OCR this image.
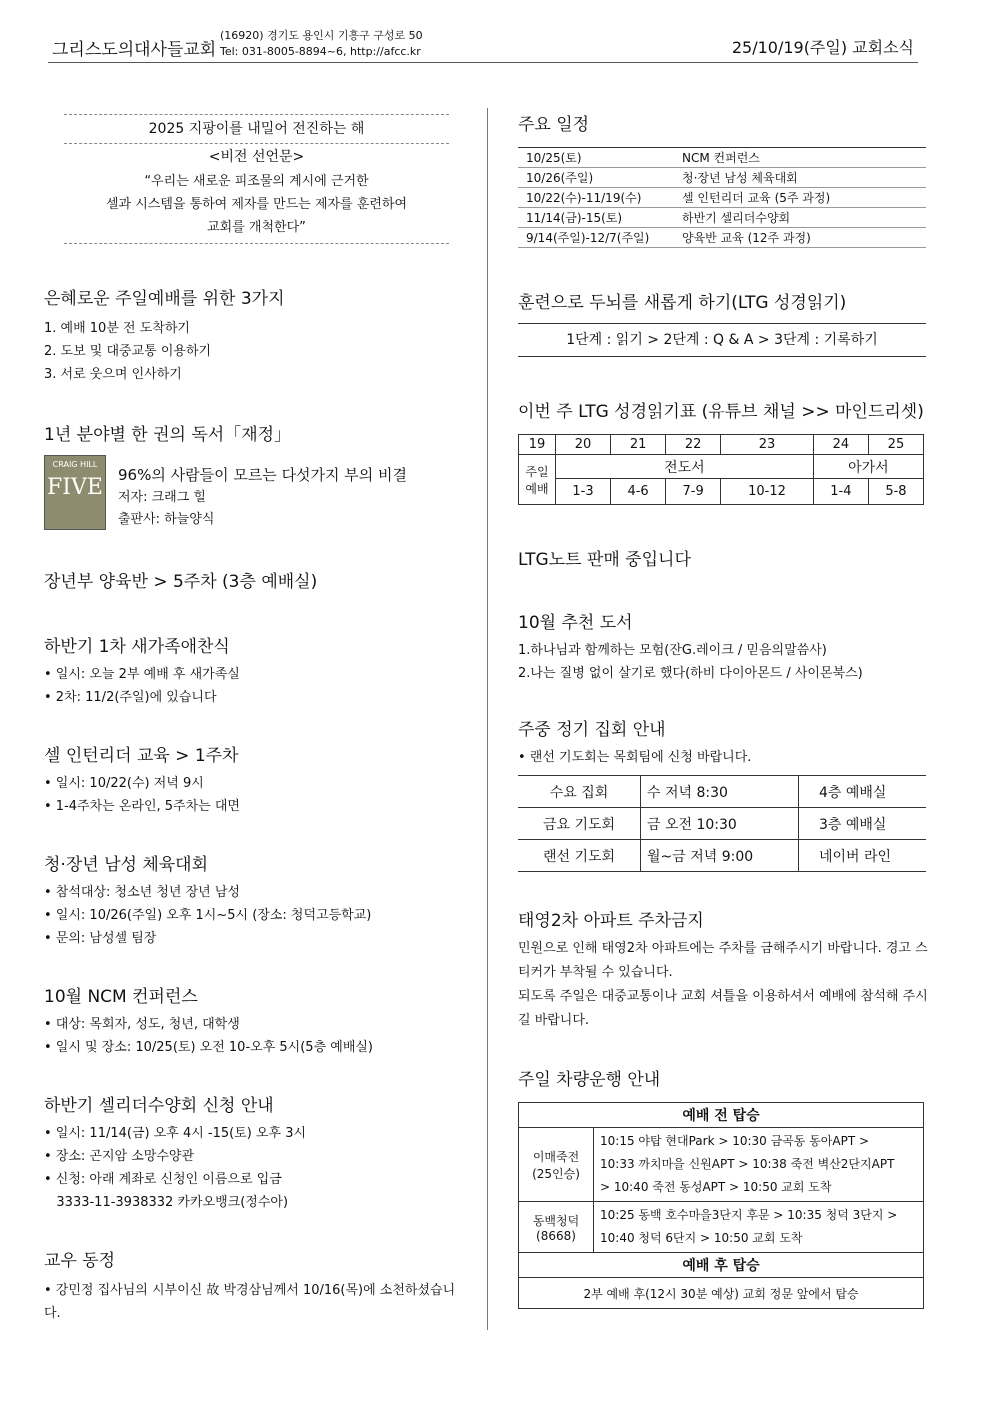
그리스도의대사들교회
(16920) 경기도 용인시 기흥구 구성로 50
Tel: 031-8005-8894~6, http://afcc.kr	25/10/19(주일) 교회소식
2025 지팡이를 내밀어 전진하는 해
<비전 선언문>
“우리는 새로운 피조물의 계시에 근거한
셀과 시스템을 통하여 제자를 만드는 제자를 훈련하여
교회를 개척한다”
은혜로운 주일예배를 위한 3가지

1. 예배 10분 전 도착하기

2. 도보 및 대중교통 이용하기

3. 서로 웃으며 인사하기

1년 분야별 한 권의 독서「재정」
CRAIG HILL
FIVE 96%의 사람들이 모르는 다섯가지 부의 비결
저자: 크래그 힐
출판사: 하늘양식
장년부 양육반 > 5주차 (3층 예배실)
하반기 1차 새가족애찬식

• 일시: 오늘 2부 예배 후 새가족실

• 2차: 11/2(주일)에 있습니다

셀 인턴리더 교육 > 1주차

• 일시: 10/22(수) 저녁 9시

• 1-4주차는 온라인, 5주차는 대면

청·장년 남성 체육대회

• 참석대상: 청소년 청년 장년 남성

• 일시: 10/26(주일) 오후 1시~5시 (장소: 청덕고등학교)

• 문의: 남성셀 팀장

10월 NCM 컨퍼런스

• 대상: 목회자, 성도, 청년, 대학생

• 일시 및 장소: 10/25(토) 오전 10-오후 5시(5층 예배실)

하반기 셀리더수양회 신청 안내

• 일시: 11/14(금) 오후 4시 -15(토) 오후 3시

• 장소: 곤지암 소망수양관

• 신청: 아래 계좌로 신청인 이름으로 입금

3333-11-3938332 카카오뱅크(정수아)

교우 동정

• 강민정 집사님의 시부이신 故 박경삼님께서 10/16(목)에 소천하셨습니다.

주요 일정
10/25(토)	NCM 컨퍼런스
10/26(주일)	청·장년 남성 체육대회
10/22(수)-11/19(수)	셀 인턴리더 교육 (5주 과정)
11/14(금)-15(토)	하반기 셀리더수양회
9/14(주일)-12/7(주일)	양육반 교육 (12주 과정)
훈련으로 두뇌를 새롭게 하기(LTG 성경읽기)
1단계 : 읽기 > 2단계 : Q & A > 3단계 : 기록하기
이번 주 LTG 성경읽기표 (유튜브 채널 >> 마인드리셋)
19	20	21	22	23	24	25
주일 예배	전도서				아가서	
	1-3	4-6	7-9	10-12	1-4	5-8
LTG노트 판매 중입니다
10월 추천 도서

1.하나님과 함께하는 모험(잔G.레이크 / 믿음의말씀사)

2.나는 질병 없이 살기로 했다(하비 다이아몬드 / 사이몬북스)

주중 정기 집회 안내

• 랜선 기도회는 목회팀에 신청 바랍니다.

수요 집회	수 저녁 8:30	4층 예배실
금요 기도회	금 오전 10:30	3층 예배실
랜선 기도회	월~금 저녁 9:00	네이버 라인
태영2차 아파트 주차금지

민원으로 인해 태영2차 아파트에는 주차를 금해주시기 바랍니다. 경고 스티커가 부착될 수 있습니다.

되도록 주일은 대중교통이나 교회 셔틀을 이용하셔서 예배에 참석해 주시길 바랍니다.

주일 차량운행 안내
예배 전 탑승	
이매죽전 (25인승)	10:15 야탑 현대Park > 10:30 금곡동 동아APT >
10:33 까치마을 신원APT > 10:38 죽전 벽산2단지APT
> 10:40 죽전 동성APT > 10:50 교회 도착

동백청덕 (8668)	10:25 동백 호수마을3단지 후문 > 10:35 청덕 3단지 >
10:40 청덕 6단지 > 10:50 교회 도착

예배 후 탑승	
2부 예배 후(12시 30분 예상) 교회 정문 앞에서 탑승	
